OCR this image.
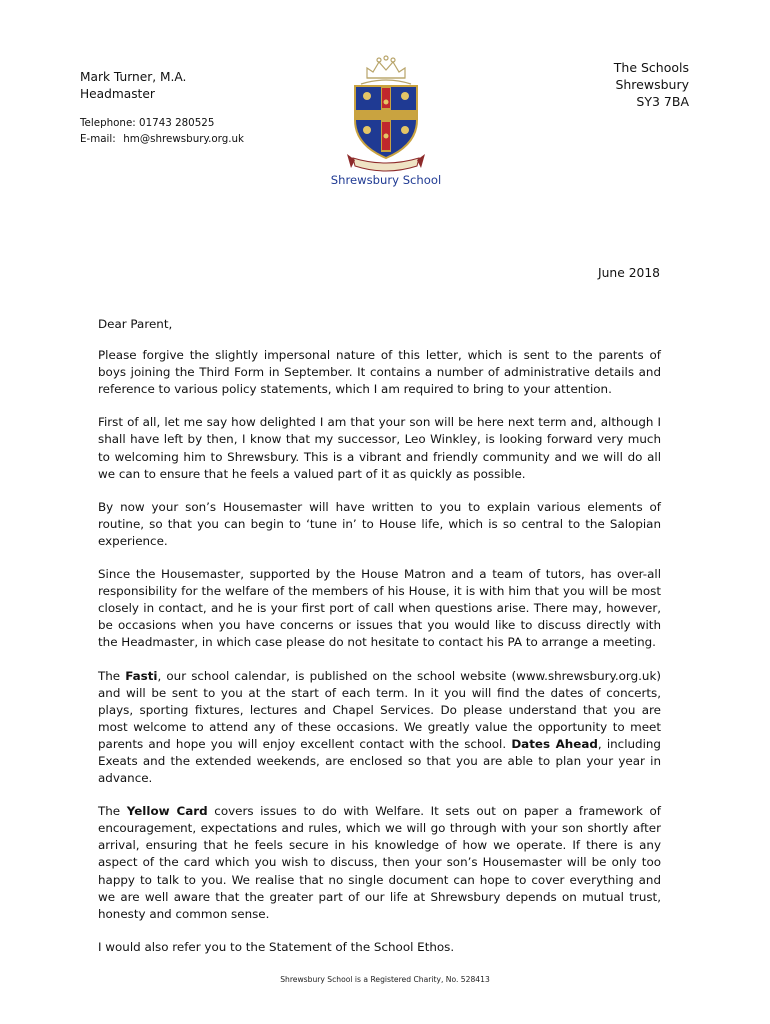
Mark Turner, M.A.
Headmaster
Telephone: 01743 280525
E-mail: hm@shrewsbury.org.uk
Shrewsbury School
The Schools
Shrewsbury
SY3 7BA
June 2018

Dear Parent,

Please forgive the slightly impersonal nature of this letter, which is sent to the parents of boys joining the Third Form in September. It contains a number of administrative details and reference to various policy statements, which I am required to bring to your attention.

First of all, let me say how delighted I am that your son will be here next term and, although I shall have left by then, I know that my successor, Leo Winkley, is looking forward very much to welcoming him to Shrewsbury. This is a vibrant and friendly community and we will do all we can to ensure that he feels a valued part of it as quickly as possible.

By now your son’s Housemaster will have written to you to explain various elements of routine, so that you can begin to ‘tune in’ to House life, which is so central to the Salopian experience.

Since the Housemaster, supported by the House Matron and a team of tutors, has over-all responsibility for the welfare of the members of his House, it is with him that you will be most closely in contact, and he is your first port of call when questions arise. There may, however, be occasions when you have concerns or issues that you would like to discuss directly with the Headmaster, in which case please do not hesitate to contact his PA to arrange a meeting.

The Fasti, our school calendar, is published on the school website (www.shrewsbury.org.uk) and will be sent to you at the start of each term. In it you will find the dates of concerts, plays, sporting fixtures, lectures and Chapel Services. Do please understand that you are most welcome to attend any of these occasions. We greatly value the opportunity to meet parents and hope you will enjoy excellent contact with the school. Dates Ahead, including Exeats and the extended weekends, are enclosed so that you are able to plan your year in advance.

The Yellow Card covers issues to do with Welfare. It sets out on paper a framework of encouragement, expectations and rules, which we will go through with your son shortly after arrival, ensuring that he feels secure in his knowledge of how we operate. If there is any aspect of the card which you wish to discuss, then your son’s Housemaster will be only too happy to talk to you. We realise that no single document can hope to cover everything and we are well aware that the greater part of our life at Shrewsbury depends on mutual trust, honesty and common sense.

I would also refer you to the Statement of the School Ethos.

Shrewsbury School is a Registered Charity, No. 528413
